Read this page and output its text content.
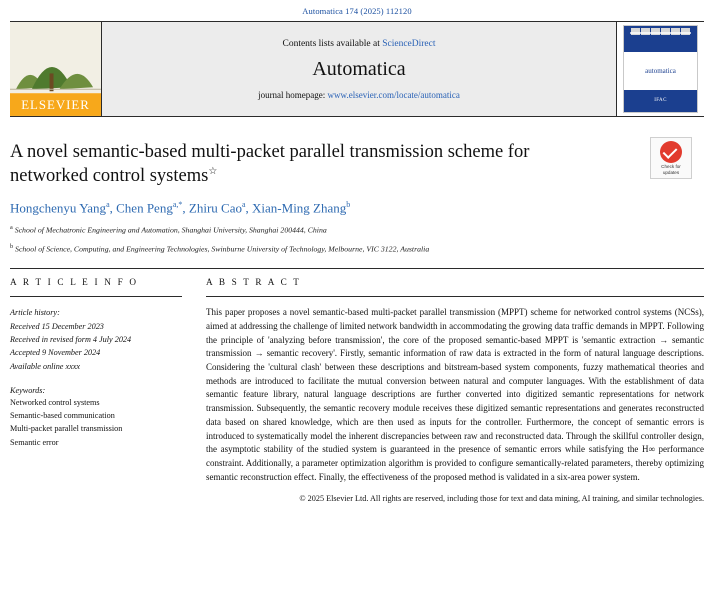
Automatica 174 (2025) 112120
ELSEVIER
Contents lists available at ScienceDirect
Automatica
journal homepage: www.elsevier.com/locate/automatica
automatica
IFAC
A novel semantic-based multi-packet parallel transmission scheme for networked control systems☆
Hongchenyu Yang$^a$, Chen Peng$^{a,*}$, Zhiru Cao$^a$, Xian-Ming Zhang$^b$
$^a$ School of Mechatronic Engineering and Automation, Shanghai University, Shanghai 200444, China
$^b$ School of Science, Computing, and Engineering Technologies, Swinburne University of Technology, Melbourne, VIC 3122, Australia
Check for
updates
A R T I C L E I N F O
Article history:
Received 15 December 2023
Received in revised form 4 July 2024
Accepted 9 November 2024
Available online xxxx
Keywords:
Networked control systems
Semantic-based communication
Multi-packet parallel transmission
Semantic error
A B S T R A C T
This paper proposes a novel semantic-based multi-packet parallel transmission (MPPT) scheme for networked control systems (NCSs), aimed at addressing the challenge of limited network bandwidth in accommodating the growing data traffic demands in MPPT. Following the principle of 'analyzing before transmission', the core of the proposed semantic-based MPPT is 'semantic extraction → semantic transmission → semantic recovery'. Firstly, semantic information of raw data is extracted in the form of natural language descriptions. Considering the 'cultural clash' between these descriptions and bitstream-based system components, fuzzy mathematical theories and methods are introduced to facilitate the mutual conversion between natural and computer languages. With the establishment of data semantic feature library, natural language descriptions are further converted into digitized semantic representations for network transmission. Subsequently, the semantic recovery module receives these digitized semantic representations and generates reconstructed data based on shared knowledge, which are then used as inputs for the controller. Furthermore, the concept of semantic errors is introduced to systematically model the inherent discrepancies between raw and reconstructed data. Through the skillful controller design, the asymptotic stability of the studied system is guaranteed in the presence of semantic errors while satisfying the H∞ performance constraint. Additionally, a parameter optimization algorithm is provided to configure semantically-related parameters, thereby optimizing semantic reconstruction effect. Finally, the effectiveness of the proposed method is validated in a six-area power system.
© 2025 Elsevier Ltd. All rights are reserved, including those for text and data mining, AI training, and similar technologies.
